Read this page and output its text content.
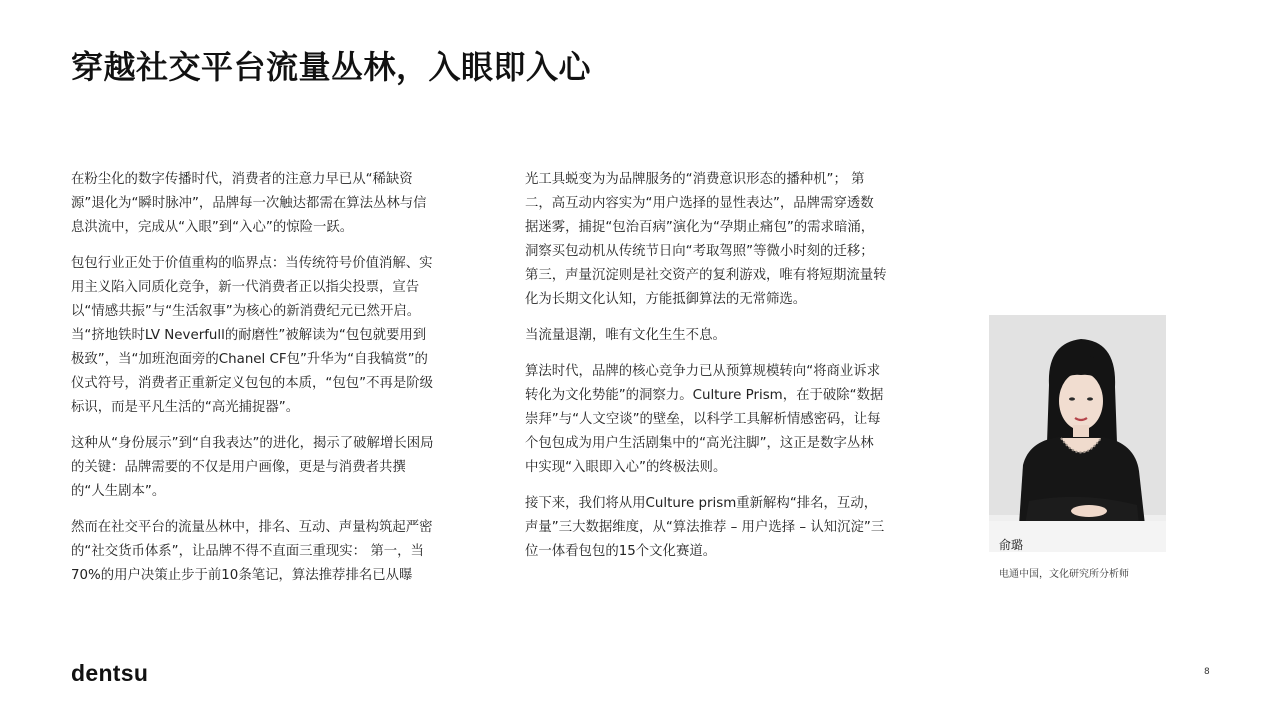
穿越社交平台流量丛林，入眼即入心

在粉尘化的数字传播时代，消费者的注意力早已从“稀缺资源”退化为“瞬时脉冲”，品牌每一次触达都需在算法丛林与信息洪流中，完成从“入眼”到“入心”的惊险一跃。

包包行业正处于价值重构的临界点：当传统符号价值消解、实用主义陷入同质化竞争，新一代消费者正以指尖投票，宣告以“情感共振”与“生活叙事”为核心的新消费纪元已然开启。 当“挤地铁时LV Neverfull的耐磨性”被解读为“包包就要用到极致”，当“加班泡面旁的Chanel CF包”升华为“自我犒赏”的仪式符号，消费者正重新定义包包的本质，“包包”不再是阶级标识，而是平凡生活的“高光捕捉器”。

这种从“身份展示”到“自我表达”的进化，揭示了破解增长困局的关键：品牌需要的不仅是用户画像，更是与消费者共撰的“人生剧本”。

然而在社交平台的流量丛林中，排名、互动、声量构筑起严密的“社交货币体系”，让品牌不得不直面三重现实： 第一，当70%的用户决策止步于前10条笔记，算法推荐排名已从曝

光工具蜕变为为品牌服务的“消费意识形态的播种机”； 第二，高互动内容实为“用户选择的显性表达”，品牌需穿透数据迷雾，捕捉“包治百病”演化为“孕期止痛包”的需求暗涌，洞察买包动机从传统节日向“考取驾照”等微小时刻的迁移； 第三，声量沉淀则是社交资产的复利游戏，唯有将短期流量转化为长期文化认知，方能抵御算法的无常筛选。

当流量退潮，唯有文化生生不息。

算法时代，品牌的核心竞争力已从预算规模转向“将商业诉求转化为文化势能”的洞察力。Culture Prism，在于破除“数据崇拜”与“人文空谈”的壁垒，以科学工具解析情感密码，让每个包包成为用户生活剧集中的“高光注脚”，这正是数字丛林中实现“入眼即入心”的终极法则。

接下来，我们将从用Culture prism重新解构“排名，互动，声量”三大数据维度，从“算法推荐 – 用户选择 – 认知沉淀”三位一体看包包的15个文化赛道。	俞璐
电通中国，文化研究所分析师
dentsu	8
